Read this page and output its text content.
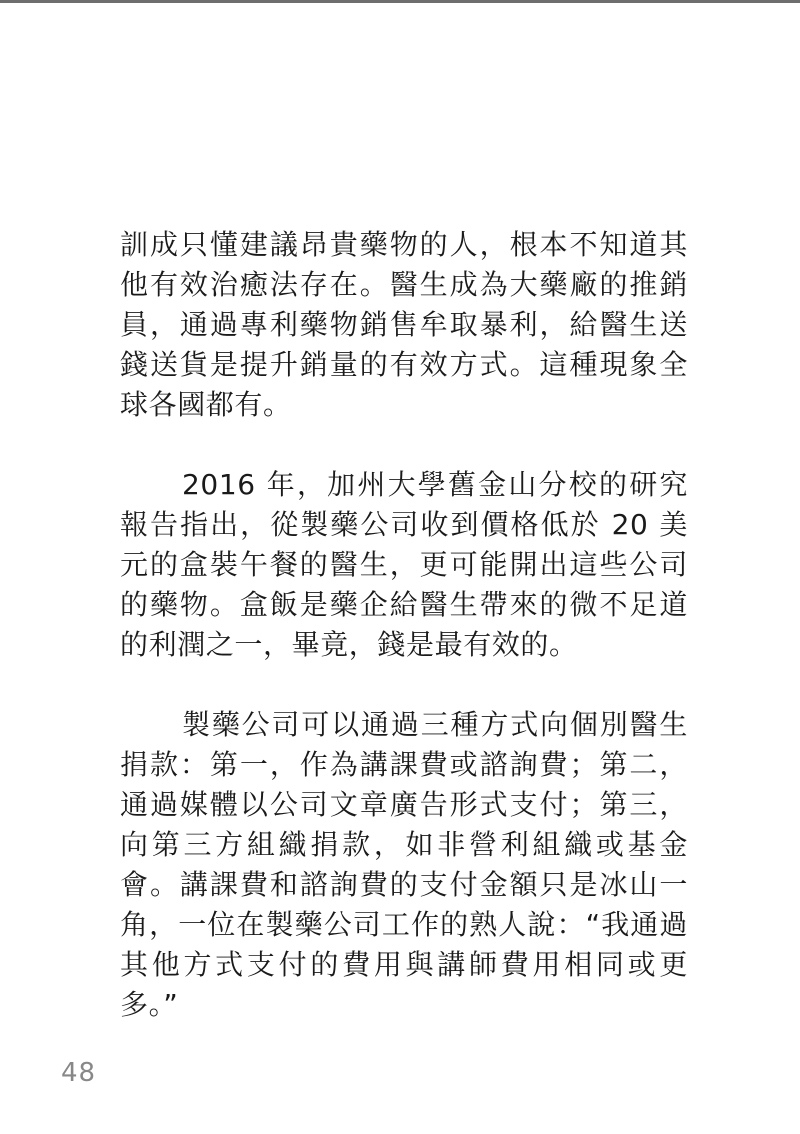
訓成只懂建議昂貴藥物的人，根本不知道其他有效治癒法存在。醫生成為大藥廠的推銷員，通過專利藥物銷售牟取暴利，給醫生送錢送貨是提升銷量的有效方式。這種現象全球各國都有。

2016 年，加州大學舊金山分校的研究報告指出，從製藥公司收到價格低於 20 美元的盒裝午餐的醫生，更可能開出這些公司的藥物。盒飯是藥企給醫生帶來的微不足道的利潤之一，畢竟，錢是最有效的。

製藥公司可以通過三種方式向個別醫生捐款：第一，作為講課費或諮詢費；第二，通過媒體以公司文章廣告形式支付；第三，向第三方組織捐款，如非營利組織或基金會。講課費和諮詢費的支付金額只是冰山一角，一位在製藥公司工作的熟人說：“我通過其他方式支付的費用與講師費用相同或更多。”

48
